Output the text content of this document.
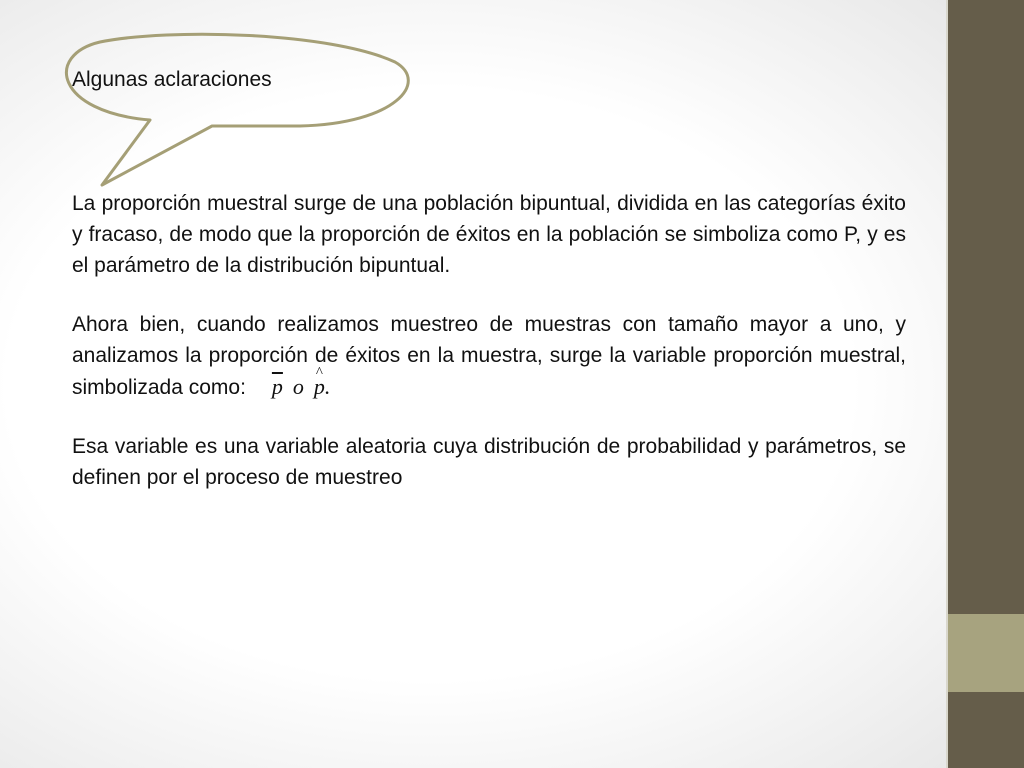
Algunas aclaraciones

La proporción muestral surge de una población bipuntual, dividida en las categorías éxito y fracaso, de modo que la proporción de éxitos en la población se simboliza como P, y es el parámetro de la distribución bipuntual.

Ahora bien, cuando realizamos muestreo de muestras con tamaño mayor a uno, y analizamos la proporción de éxitos en la muestra, surge la variable proporción muestral, simbolizada como: $\overline{p}$ o ^ p.

Esa variable es una variable aleatoria cuya distribución de probabilidad y parámetros, se definen por el proceso de muestreo
